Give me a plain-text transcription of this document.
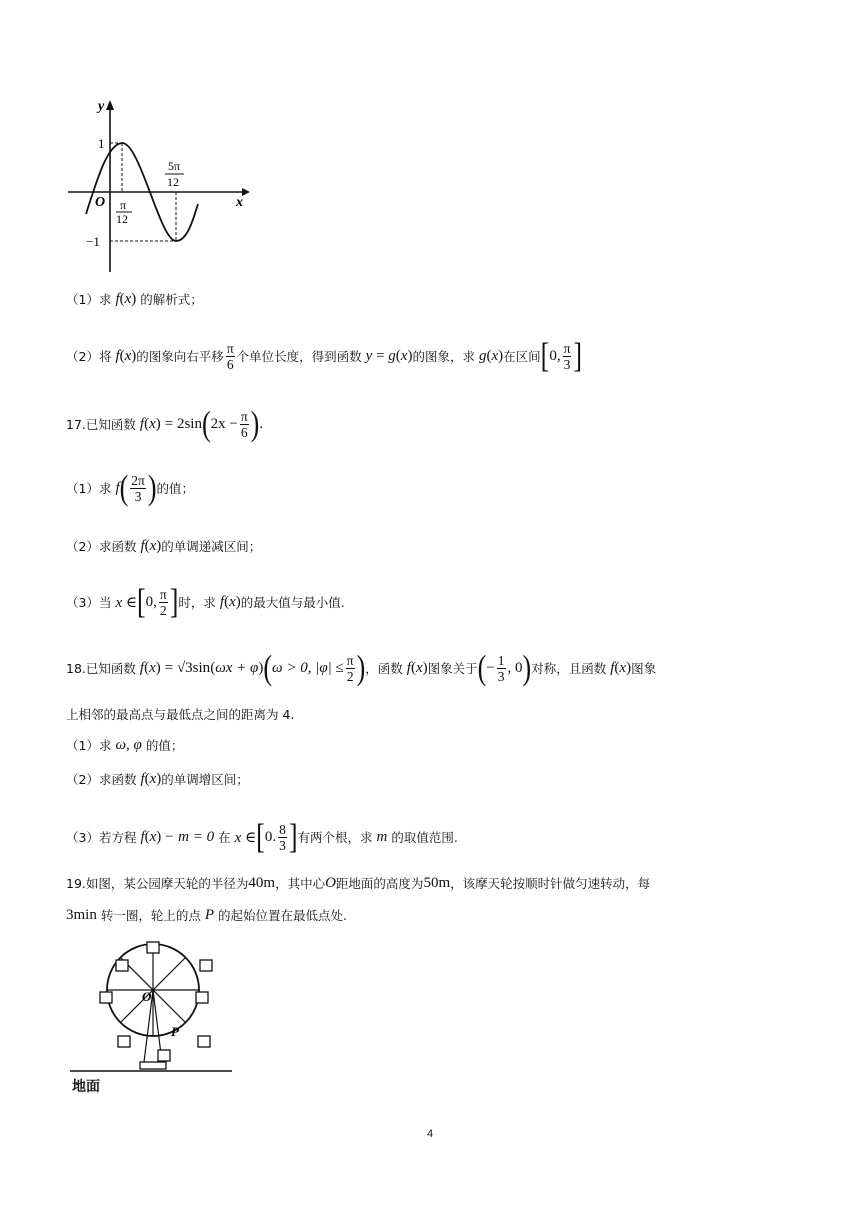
y
x
O
1
−1
π
12
5π
12
（1）求 f ( x ) 的解析式；
（2）将 f ( x ) 的图象向右平移 $\frac{\pi}{6}$ 个单位长度，得到函数 y = g ( x ) 的图象，求 g ( x ) 在区间 [ 0, $\frac{\pi}{3}$ ]
17.已知函数 f ( x ) = 2sin ( $2x - \frac{\pi}{6}$ ) .
（1）求 f ( $\frac{2\pi}{3}$ ) 的值；
（2）求函数 f ( x ) 的单调递减区间；
（3）当 x ∈ [ 0, $\frac{\pi}{2}$ ] 时，求 f ( x ) 的最大值与最小值.
18.已知函数 f ( x ) = √3sin ( ωx + φ ) ( ω > 0, $|\varphi| \le \frac{\pi}{2}$ ) ，函数 f ( x ) 图象关于 ( − $\frac{1}{3}$ , 0 ) 对称，且函数 f ( x ) 图象
上相邻的最高点与最低点之间的距离为 4.
（1）求 ω, φ 的值；
（2）求函数 f ( x ) 的单调增区间；
（3）若方程 f ( x ) − m = 0 在 x ∈ [ 0. $\frac{8}{3}$ ] 有两个根，求 m 的取值范围.
19.如图，某公园摩天轮的半径为 40m ，其中心 O 距地面的高度为 50m ，该摩天轮按顺时针做匀速转动，每
3min 转一圈，轮上的点 P 的起始位置在最低点处.
O
P
地面
4
